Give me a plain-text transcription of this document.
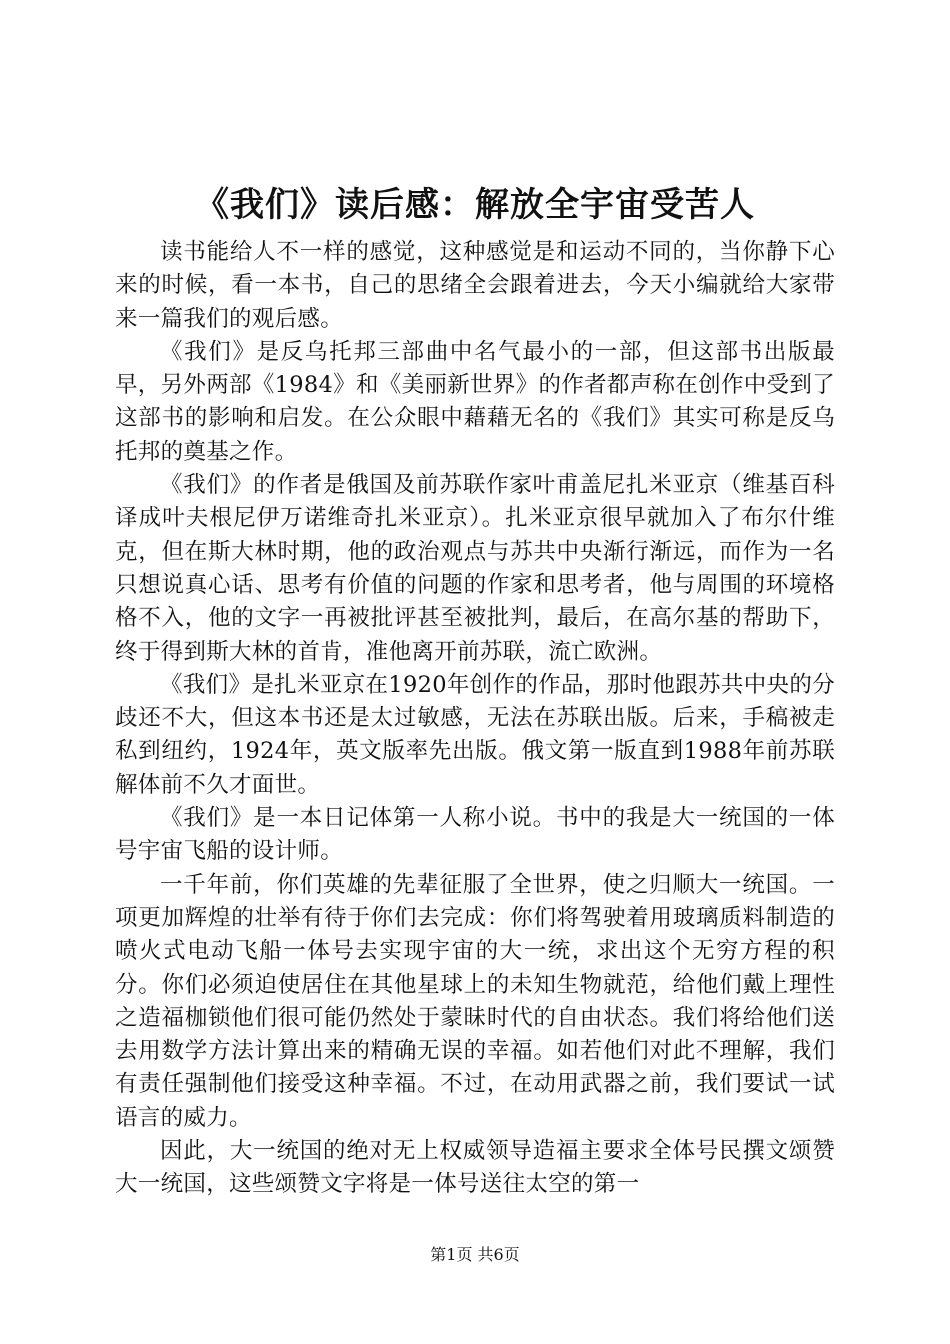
《我们》读后感：解放全宇宙受苦人

读书能给人不一样的感觉，这种感觉是和运动不同的，当你静下心来的时候，看一本书，自己的思绪全会跟着进去，今天小编就给大家带来一篇我们的观后感。

《我们》是反乌托邦三部曲中名气最小的一部，但这部书出版最早，另外两部《1984》和《美丽新世界》的作者都声称在创作中受到了这部书的影响和启发。在公众眼中藉藉无名的《我们》其实可称是反乌托邦的奠基之作。

《我们》的作者是俄国及前苏联作家叶甫盖尼扎米亚京（维基百科译成叶夫根尼伊万诺维奇扎米亚京）。扎米亚京很早就加入了布尔什维克，但在斯大林时期，他的政治观点与苏共中央渐行渐远，而作为一名只想说真心话、思考有价值的问题的作家和思考者，他与周围的环境格格不入，他的文字一再被批评甚至被批判，最后，在高尔基的帮助下，终于得到斯大林的首肯，准他离开前苏联，流亡欧洲。

《我们》是扎米亚京在1920年创作的作品，那时他跟苏共中央的分歧还不大，但这本书还是太过敏感，无法在苏联出版。后来，手稿被走私到纽约，1924年，英文版率先出版。俄文第一版直到1988年前苏联解体前不久才面世。

《我们》是一本日记体第一人称小说。书中的我是大一统国的一体号宇宙飞船的设计师。

一千年前，你们英雄的先辈征服了全世界，使之归顺大一统国。一项更加辉煌的壮举有待于你们去完成：你们将驾驶着用玻璃质料制造的喷火式电动飞船一体号去实现宇宙的大一统，求出这个无穷方程的积分。你们必须迫使居住在其他星球上的未知生物就范，给他们戴上理性之造福枷锁他们很可能仍然处于蒙昧时代的自由状态。我们将给他们送去用数学方法计算出来的精确无误的幸福。如若他们对此不理解，我们有责任强制他们接受这种幸福。不过，在动用武器之前，我们要试一试语言的威力。

因此，大一统国的绝对无上权威领导造福主要求全体号民撰文颂赞大一统国，这些颂赞文字将是一体号送往太空的第一

第1页 共6页
